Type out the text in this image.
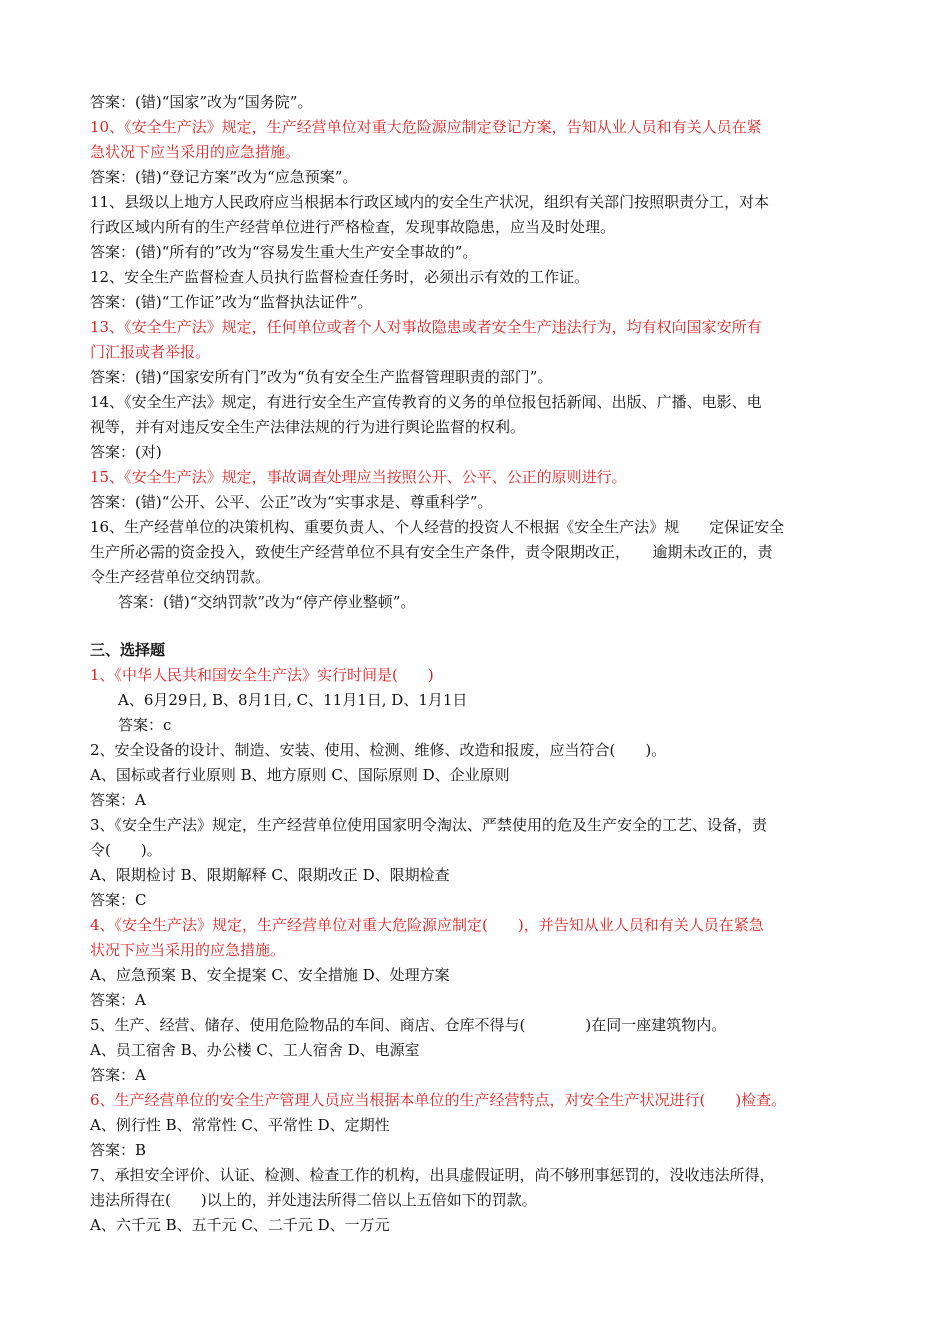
答案：(错)“国家”改为“国务院”。
10、《安全生产法》规定，生产经营单位对重大危险源应制定登记方案，告知从业人员和有关人员在紧
急状况下应当采用的应急措施。
答案：(错)“登记方案”改为“应急预案”。
11、县级以上地方人民政府应当根据本行政区域内的安全生产状况，组织有关部门按照职责分工，对本
行政区域内所有的生产经营单位进行严格检查，发现事故隐患，应当及时处理。
答案：(错)“所有的”改为“容易发生重大生产安全事故的”。
12、安全生产监督检查人员执行监督检查任务时，必须出示有效的工作证。
答案：(错)“工作证”改为“监督执法证件”。
13、《安全生产法》规定，任何单位或者个人对事故隐患或者安全生产违法行为，均有权向国家安所有
门汇报或者举报。
答案：(错)“国家安所有门”改为“负有安全生产监督管理职责的部门”。
14、《安全生产法》规定，有进行安全生产宣传教育的义务的单位报包括新闻、出版、广播、电影、电
视等，并有对违反安全生产法律法规的行为进行舆论监督的权利。
答案：(对)
15、《安全生产法》规定，事故调查处理应当按照公开、公平、公正的原则进行。
答案：(错)“公开、公平、公正”改为“实事求是、尊重科学”。
16、生产经营单位的决策机构、重要负责人、个人经营的投资人不根据《安全生产法》规　　定保证安全
生产所必需的资金投入，致使生产经营单位不具有安全生产条件，责令限期改正，　　逾期未改正的，责
令生产经营单位交纳罚款。
答案：(错)“交纳罚款”改为“停产停业整顿”。
三、选择题
1、《中华人民共和国安全生产法》实行时间是(　　)
A、6月29日, B、8月1日, C、11月1日, D、1月1日
答案：c
2、安全设备的设计、制造、安装、使用、检测、维修、改造和报废，应当符合(　　)。
A、国标或者行业原则 B、地方原则 C、国际原则 D、企业原则
答案：A
3、《安全生产法》规定，生产经营单位使用国家明令淘汰、严禁使用的危及生产安全的工艺、设备，责
令(　　)。
A、限期检讨 B、限期解释 C、限期改正 D、限期检查
答案：C
4、《安全生产法》规定，生产经营单位对重大危险源应制定(　　)，并告知从业人员和有关人员在紧急
状况下应当采用的应急措施。
A、应急预案 B、安全提案 C、安全措施 D、处理方案
答案：A
5、生产、经营、储存、使用危险物品的车间、商店、仓库不得与(　　　　)在同一座建筑物内。
A、员工宿舍 B、办公楼 C、工人宿舍 D、电源室
答案：A
6、生产经营单位的安全生产管理人员应当根据本单位的生产经营特点，对安全生产状况进行(　　)检查。
A、例行性 B、常常性 C、平常性 D、定期性
答案：B
7、承担安全评价、认证、检测、检查工作的机构，出具虚假证明，尚不够刑事惩罚的，没收违法所得，
违法所得在(　　)以上的，并处违法所得二倍以上五倍如下的罚款。
A、六千元 B、五千元 C、二千元 D、一万元
